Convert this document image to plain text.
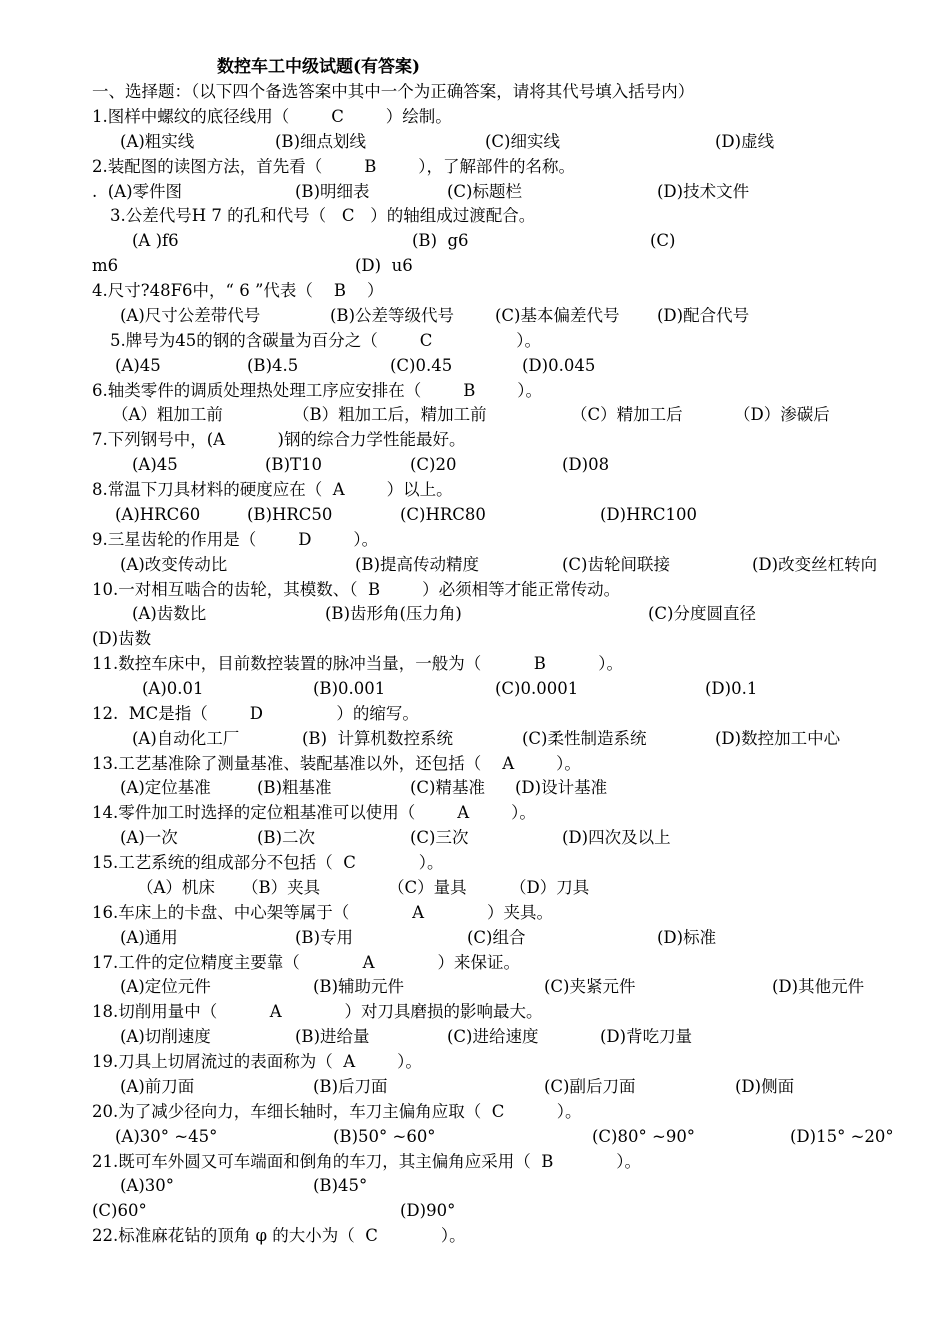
数控车工中级试题(有答案)
一、选择题：（以下四个备选答案中其中一个为正确答案，请将其代号填入括号内）
1.图样中螺纹的底径线用（        C        ）绘制。
(A)粗实线	(B)细点划线	(C)细实线	(D)虚线
2.装配图的读图方法，首先看（        B        ），了解部件的名称。
.  (A)零件图	(B)明细表	(C)标题栏	(D)技术文件
3.公差代号H 7 的孔和代号（   C   ）的轴组成过渡配合。
(A )f6	(B)  g6	(C)
m6	(D)  u6
4.尺寸?48F6中，“ 6 ”代表（    B    ）
(A)尺寸公差带代号	(B)公差等级代号 (C)基本偏差代号 (D)配合代号
5.牌号为45的钢的含碳量为百分之（        C                ）。
(A)45	(B)4.5	(C)0.45	(D)0.045
6.轴类零件的调质处理热处理工序应安排在（        B        ）。
（A）粗加工前	（B）粗加工后，精加工前	（C）精加工后	（D）渗碳后
7.下列钢号中，(A          )钢的综合力学性能最好。
(A)45	(B)T10	(C)20	(D)08
8.常温下刀具材料的硬度应在（  A        ）以上。
(A)HRC60	(B)HRC50	(C)HRC80	(D)HRC100
9.三星齿轮的作用是（        D        ）。
(A)改变传动比	(B)提高传动精度	(C)齿轮间联接	(D)改变丝杠转向
10.一对相互啮合的齿轮，其模数、（  B        ）必须相等才能正常传动。
(A)齿数比	(B)齿形角(压力角)	(C)分度圆直径
(D)齿数
11.数控车床中，目前数控装置的脉冲当量，一般为（          B          ）。
(A)0.01	(B)0.001	(C)0.0001	(D)0.1
12.  MC是指（        D              ）的缩写。
(A)自动化工厂	(B)  计算机数控系统	(C)柔性制造系统	(D)数控加工中心
13.工艺基准除了测量基准、装配基准以外，还包括（    A        ）。
(A)定位基准	(B)粗基准	(C)精基准 (D)设计基准
14.零件加工时选择的定位粗基准可以使用（        A        ）。
(A)一次	(B)二次	(C)三次	(D)四次及以上
15.工艺系统的组成部分不包括（  C            ）。
（A）机床 （B）夹具	（C）量具	（D）刀具
16.车床上的卡盘、中心架等属于（            A            ）夹具。
(A)通用	(B)专用	(C)组合	(D)标准
17.工件的定位精度主要靠（            A            ）来保证。
(A)定位元件	(B)辅助元件	(C)夹紧元件	(D)其他元件
18.切削用量中（          A            ）对刀具磨损的影响最大。
(A)切削速度	(B)进给量	(C)进给速度	(D)背吃刀量
19.刀具上切屑流过的表面称为（  A        ）。
(A)前刀面	(B)后刀面	(C)副后刀面	(D)侧面
20.为了减少径向力，车细长轴时，车刀主偏角应取（  C          ）。
(A)30° ~45°	(B)50° ~60°	(C)80° ~90°	(D)15° ~20°
21.既可车外圆又可车端面和倒角的车刀，其主偏角应采用（  B            ）。
(A)30°	(B)45°
(C)60°	(D)90°
22.标准麻花钻的顶角 φ 的大小为（  C            ）。
